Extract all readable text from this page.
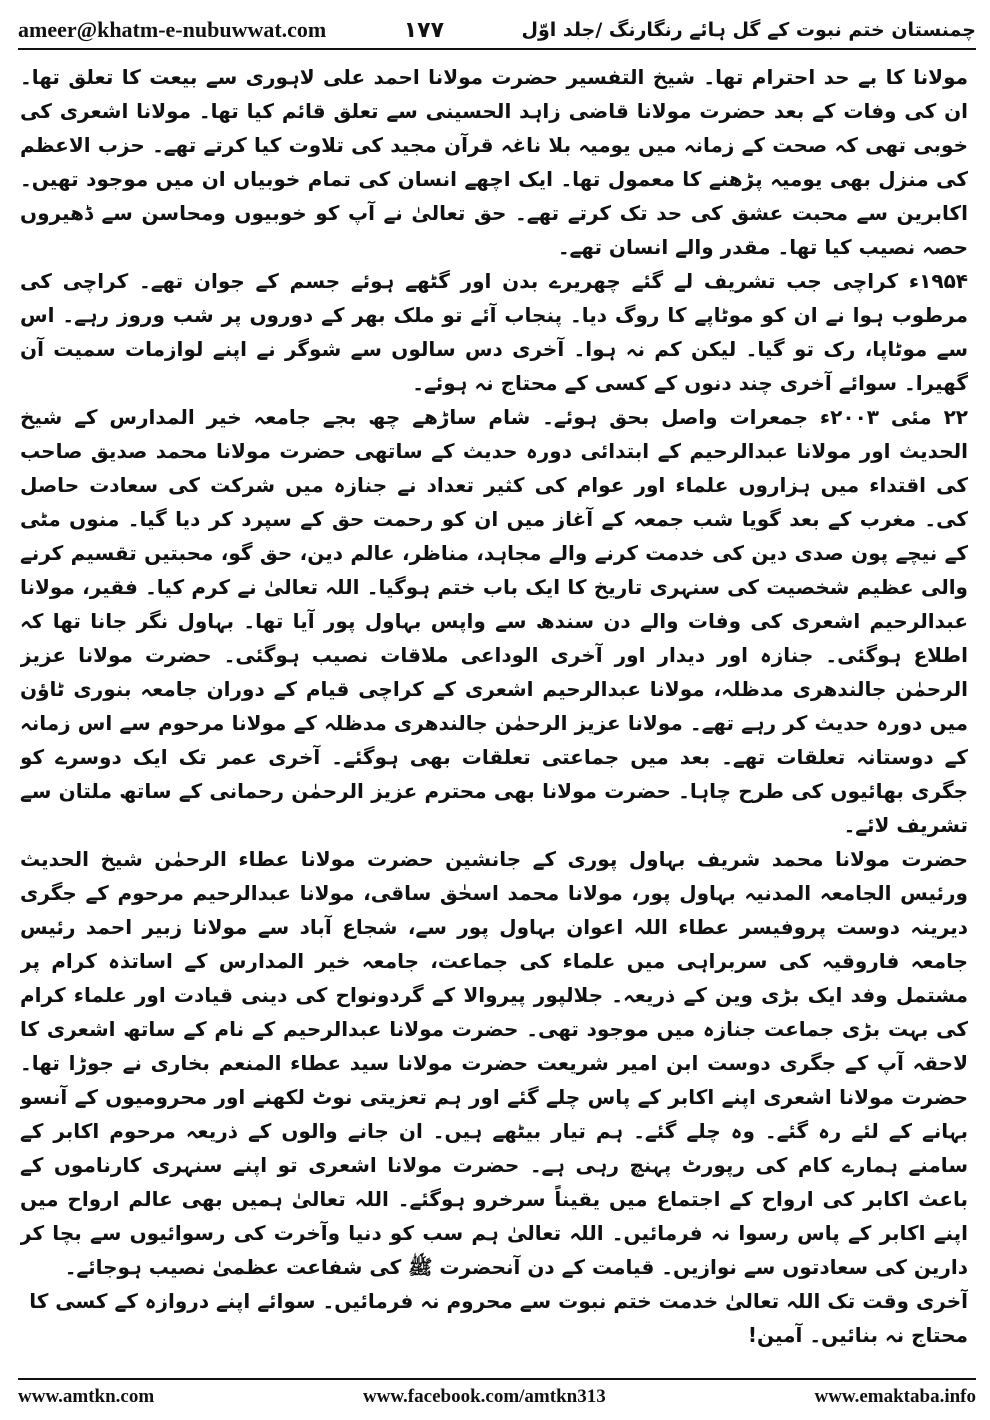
ameer@khatm-e-nubuwwat.com	۱۷۷	چمنستان ختم نبوت کے گل ہائے رنگارنگ /جلد اوّل

مولانا کا بے حد احترام تھا۔ شیخ التفسیر حضرت مولانا احمد علی لاہوری سے بیعت کا تعلق تھا۔ ان کی وفات کے بعد حضرت مولانا قاضی زاہد الحسینی سے تعلق قائم کیا تھا۔ مولانا اشعری کی خوبی تھی کہ صحت کے زمانہ میں یومیہ بلا ناغہ قرآن مجید کی تلاوت کیا کرتے تھے۔ حزب الاعظم کی منزل بھی یومیہ پڑھنے کا معمول تھا۔ ایک اچھے انسان کی تمام خوبیاں ان میں موجود تھیں۔ اکابرین سے محبت عشق کی حد تک کرتے تھے۔ حق تعالیٰ نے آپ کو خوبیوں ومحاسن سے ڈھیروں حصہ نصیب کیا تھا۔ مقدر والے انسان تھے۔

۱۹۵۴ء کراچی جب تشریف لے گئے چھریرے بدن اور گٹھے ہوئے جسم کے جوان تھے۔ کراچی کی مرطوب ہوا نے ان کو موٹاپے کا روگ دیا۔ پنجاب آئے تو ملک بھر کے دوروں پر شب وروز رہے۔ اس سے موٹاپا، رک تو گیا۔ لیکن کم نہ ہوا۔ آخری دس سالوں سے شوگر نے اپنے لوازمات سمیت آن گھیرا۔ سوائے آخری چند دنوں کے کسی کے محتاج نہ ہوئے۔

۲۲ مئی ۲۰۰۳ء جمعرات واصل بحق ہوئے۔ شام ساڑھے چھ بجے جامعہ خیر المدارس کے شیخ الحدیث اور مولانا عبدالرحیم کے ابتدائی دورہ حدیث کے ساتھی حضرت مولانا محمد صدیق صاحب کی اقتداء میں ہزاروں علماء اور عوام کی کثیر تعداد نے جنازہ میں شرکت کی سعادت حاصل کی۔ مغرب کے بعد گویا شب جمعہ کے آغاز میں ان کو رحمت حق کے سپرد کر دیا گیا۔ منوں مٹی کے نیچے پون صدی دین کی خدمت کرنے والے مجاہد، مناظر، عالم دین، حق گو، محبتیں تقسیم کرنے والی عظیم شخصیت کی سنہری تاریخ کا ایک باب ختم ہوگیا۔ اللہ تعالیٰ نے کرم کیا۔ فقیر، مولانا عبدالرحیم اشعری کی وفات والے دن سندھ سے واپس بہاول پور آیا تھا۔ بہاول نگر جانا تھا کہ اطلاع ہوگئی۔ جنازہ اور دیدار اور آخری الوداعی ملاقات نصیب ہوگئی۔ حضرت مولانا عزیز الرحمٰن جالندھری مدظلہ، مولانا عبدالرحیم اشعری کے کراچی قیام کے دوران جامعہ بنوری ٹاؤن میں دورہ حدیث کر رہے تھے۔ مولانا عزیز الرحمٰن جالندھری مدظلہ کے مولانا مرحوم سے اس زمانہ کے دوستانہ تعلقات تھے۔ بعد میں جماعتی تعلقات بھی ہوگئے۔ آخری عمر تک ایک دوسرے کو جگری بھائیوں کی طرح چاہا۔ حضرت مولانا بھی محترم عزیز الرحمٰن رحمانی کے ساتھ ملتان سے تشریف لائے۔

حضرت مولانا محمد شریف بہاول پوری کے جانشین حضرت مولانا عطاء الرحمٰن شیخ الحدیث ورئیس الجامعہ المدنیہ بہاول پور، مولانا محمد اسحٰق ساقی، مولانا عبدالرحیم مرحوم کے جگری دیرینہ دوست پروفیسر عطاء اللہ اعوان بہاول پور سے، شجاع آباد سے مولانا زبیر احمد رئیس جامعہ فاروقیہ کی سربراہی میں علماء کی جماعت، جامعہ خیر المدارس کے اساتذہ کرام پر مشتمل وفد ایک بڑی وین کے ذریعہ۔ جلالپور پیروالا کے گردونواح کی دینی قیادت اور علماء کرام کی بہت بڑی جماعت جنازہ میں موجود تھی۔ حضرت مولانا عبدالرحیم کے نام کے ساتھ اشعری کا لاحقہ آپ کے جگری دوست ابن امیر شریعت حضرت مولانا سید عطاء المنعم بخاری نے جوڑا تھا۔ حضرت مولانا اشعری اپنے اکابر کے پاس چلے گئے اور ہم تعزیتی نوٹ لکھنے اور محرومیوں کے آنسو بہانے کے لئے رہ گئے۔ وہ چلے گئے۔ ہم تیار بیٹھے ہیں۔ ان جانے والوں کے ذریعہ مرحوم اکابر کے سامنے ہمارے کام کی رپورٹ پہنچ رہی ہے۔ حضرت مولانا اشعری تو اپنے سنہری کارناموں کے باعث اکابر کی ارواح کے اجتماع میں یقیناً سرخرو ہوگئے۔ اللہ تعالیٰ ہمیں بھی عالم ارواح میں اپنے اکابر کے پاس رسوا نہ فرمائیں۔ اللہ تعالیٰ ہم سب کو دنیا وآخرت کی رسوائیوں سے بچا کر دارین کی سعادتوں سے نوازیں۔ قیامت کے دن آنحضرت ﷺ کی شفاعت عظمیٰ نصیب ہوجائے۔

آخری وقت تک اللہ تعالیٰ خدمت ختم نبوت سے محروم نہ فرمائیں۔ سوائے اپنے دروازہ کے کسی کا محتاج نہ بنائیں۔ آمین!

www.amtkn.com	www.facebook.com/amtkn313	www.emaktaba.info
